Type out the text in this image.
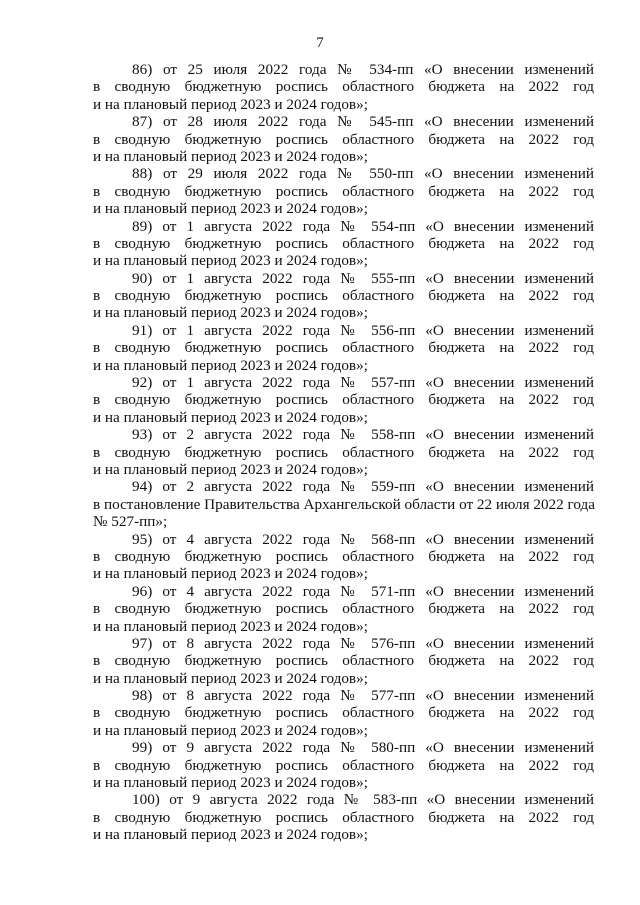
7
86) от 25 июля 2022 года № 534-пп «О внесении изменений
в сводную бюджетную роспись областного бюджета на 2022 год
и на плановый период 2023 и 2024 годов»;
87) от 28 июля 2022 года № 545-пп «О внесении изменений
в сводную бюджетную роспись областного бюджета на 2022 год
и на плановый период 2023 и 2024 годов»;
88) от 29 июля 2022 года № 550-пп «О внесении изменений
в сводную бюджетную роспись областного бюджета на 2022 год
и на плановый период 2023 и 2024 годов»;
89) от 1 августа 2022 года № 554-пп «О внесении изменений
в сводную бюджетную роспись областного бюджета на 2022 год
и на плановый период 2023 и 2024 годов»;
90) от 1 августа 2022 года № 555-пп «О внесении изменений
в сводную бюджетную роспись областного бюджета на 2022 год
и на плановый период 2023 и 2024 годов»;
91) от 1 августа 2022 года № 556-пп «О внесении изменений
в сводную бюджетную роспись областного бюджета на 2022 год
и на плановый период 2023 и 2024 годов»;
92) от 1 августа 2022 года № 557-пп «О внесении изменений
в сводную бюджетную роспись областного бюджета на 2022 год
и на плановый период 2023 и 2024 годов»;
93) от 2 августа 2022 года № 558-пп «О внесении изменений
в сводную бюджетную роспись областного бюджета на 2022 год
и на плановый период 2023 и 2024 годов»;
94) от 2 августа 2022 года № 559-пп «О внесении изменений
в постановление Правительства Архангельской области от 22 июля 2022 года
№ 527-пп»;
95) от 4 августа 2022 года № 568-пп «О внесении изменений
в сводную бюджетную роспись областного бюджета на 2022 год
и на плановый период 2023 и 2024 годов»;
96) от 4 августа 2022 года № 571-пп «О внесении изменений
в сводную бюджетную роспись областного бюджета на 2022 год
и на плановый период 2023 и 2024 годов»;
97) от 8 августа 2022 года № 576-пп «О внесении изменений
в сводную бюджетную роспись областного бюджета на 2022 год
и на плановый период 2023 и 2024 годов»;
98) от 8 августа 2022 года № 577-пп «О внесении изменений
в сводную бюджетную роспись областного бюджета на 2022 год
и на плановый период 2023 и 2024 годов»;
99) от 9 августа 2022 года № 580-пп «О внесении изменений
в сводную бюджетную роспись областного бюджета на 2022 год
и на плановый период 2023 и 2024 годов»;
100) от 9 августа 2022 года № 583-пп «О внесении изменений
в сводную бюджетную роспись областного бюджета на 2022 год
и на плановый период 2023 и 2024 годов»;
